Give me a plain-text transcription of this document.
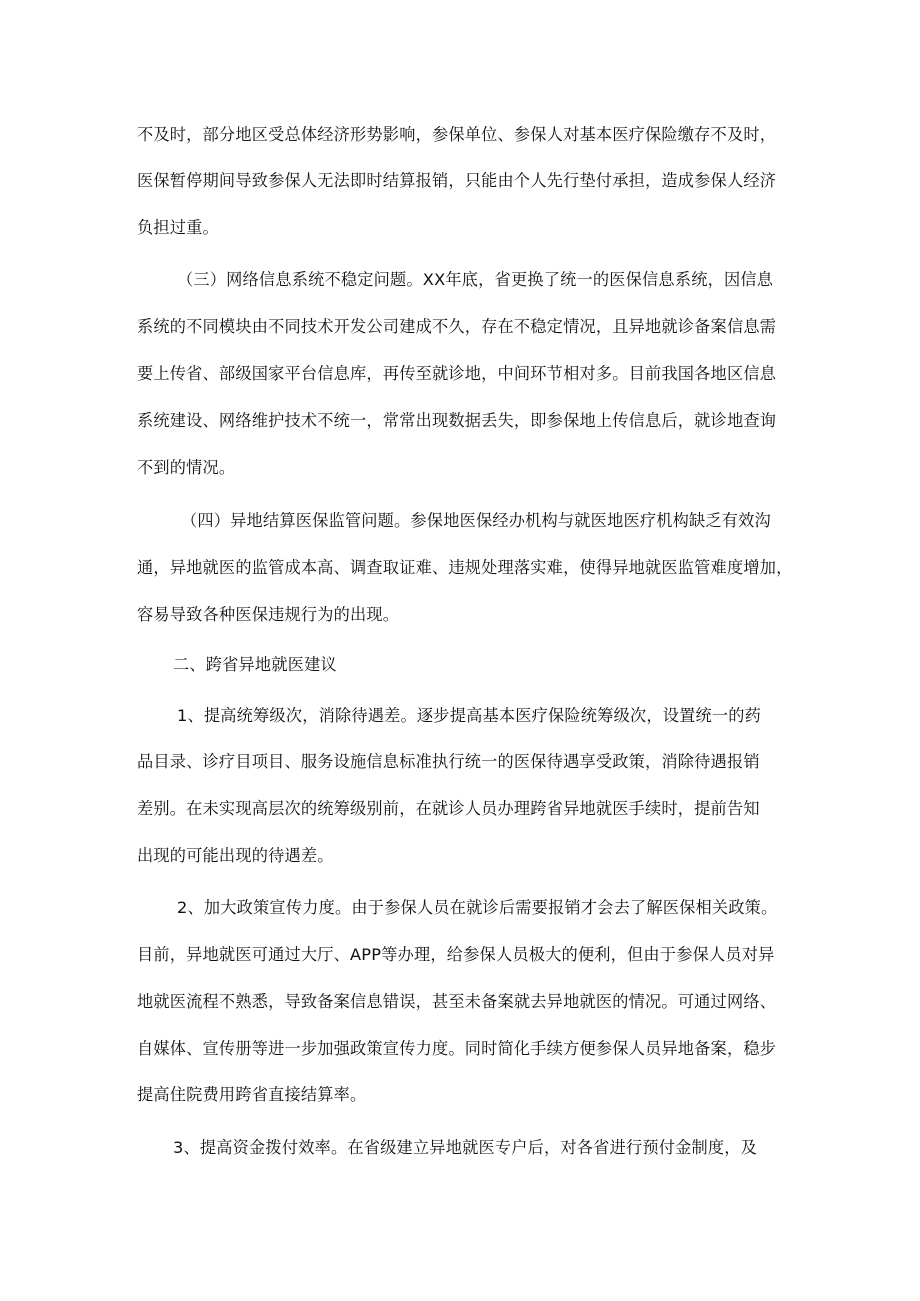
不及时，部分地区受总体经济形势影响，参保单位、参保人对基本医疗保险缴存不及时，
医保暂停期间导致参保人无法即时结算报销，只能由个人先行垫付承担，造成参保人经济
负担过重。
（三）网络信息系统不稳定问题。XX年底，省更换了统一的医保信息系统，因信息
系统的不同模块由不同技术开发公司建成不久，存在不稳定情况，且异地就诊备案信息需
要上传省、部级国家平台信息库，再传至就诊地，中间环节相对多。目前我国各地区信息
系统建设、网络维护技术不统一，常常出现数据丢失，即参保地上传信息后，就诊地查询
不到的情况。
（四）异地结算医保监管问题。参保地医保经办机构与就医地医疗机构缺乏有效沟
通，异地就医的监管成本高、调查取证难、违规处理落实难，使得异地就医监管难度增加，
容易导致各种医保违规行为的出现。
二、跨省异地就医建议
1、提高统筹级次，消除待遇差。逐步提高基本医疗保险统筹级次，设置统一的药
品目录、诊疗目项目、服务设施信息标准执行统一的医保待遇享受政策，消除待遇报销
差别。在未实现高层次的统筹级别前，在就诊人员办理跨省异地就医手续时，提前告知
出现的可能出现的待遇差。
2、加大政策宣传力度。由于参保人员在就诊后需要报销才会去了解医保相关政策。
目前，异地就医可通过大厅、APP等办理，给参保人员极大的便利，但由于参保人员对异
地就医流程不熟悉，导致备案信息错误，甚至未备案就去异地就医的情况。可通过网络、
自媒体、宣传册等进一步加强政策宣传力度。同时简化手续方便参保人员异地备案，稳步
提高住院费用跨省直接结算率。
3、提高资金拨付效率。在省级建立异地就医专户后，对各省进行预付金制度，及
